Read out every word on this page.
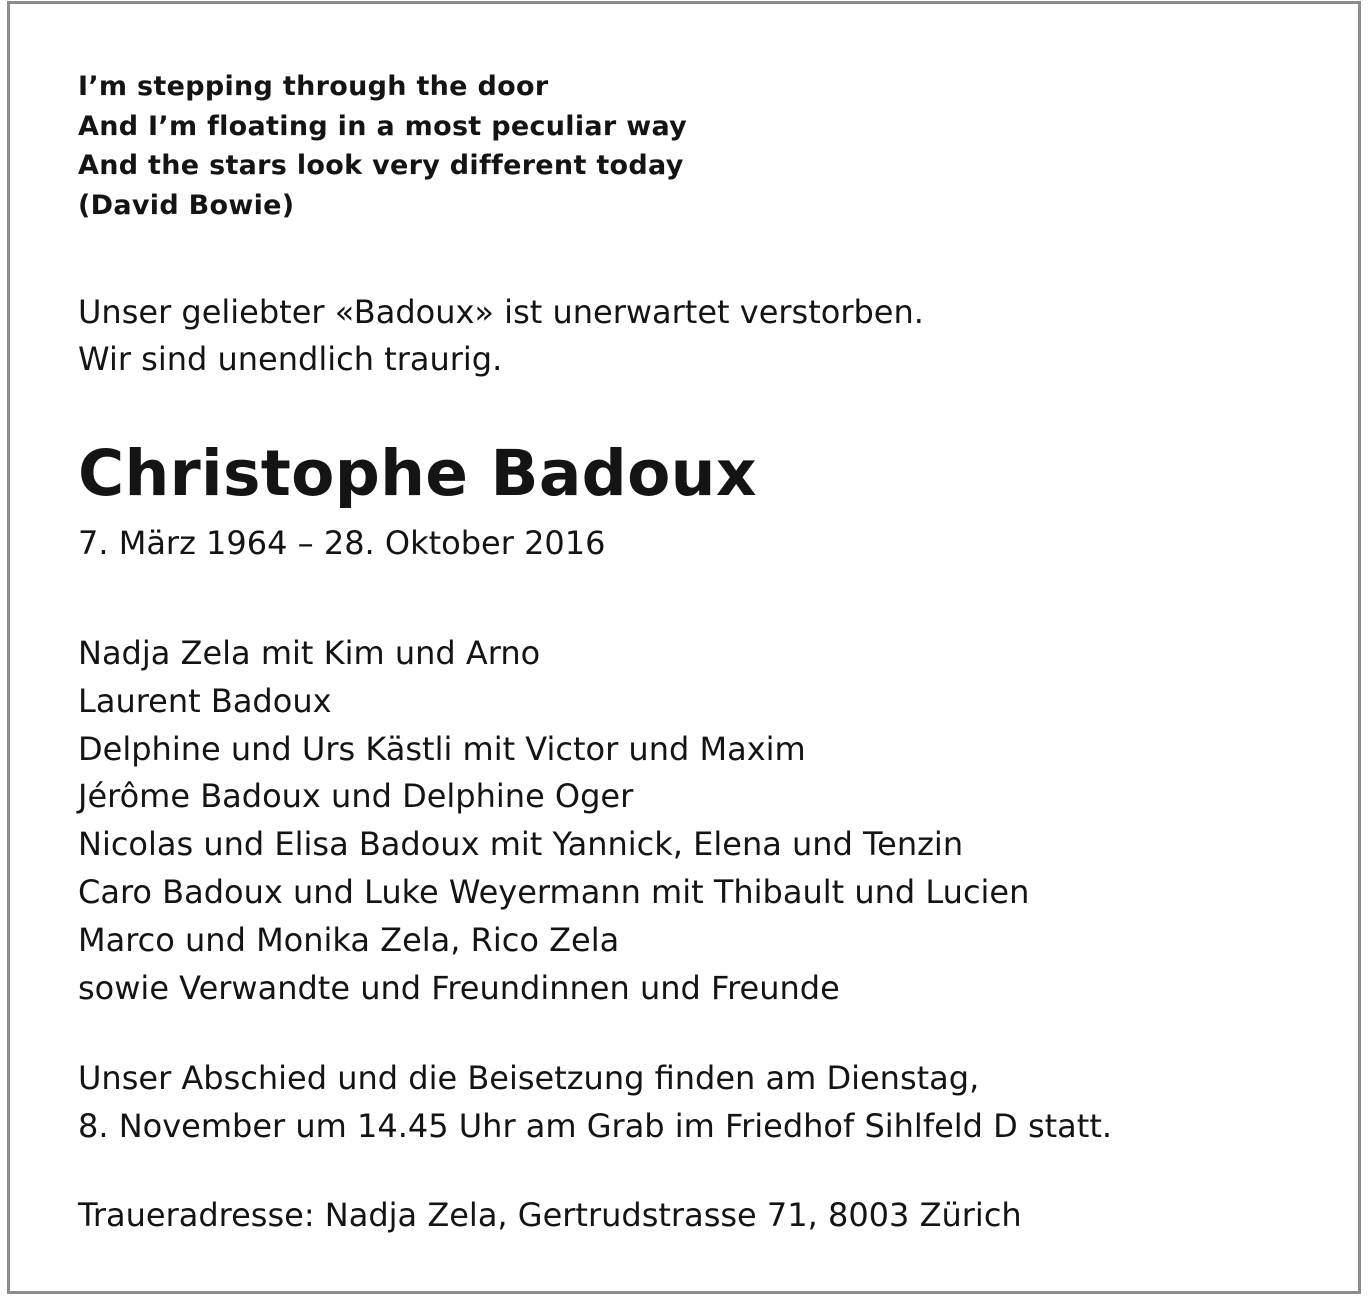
I’m stepping through the door
And I’m floating in a most peculiar way
And the stars look very different today
(David Bowie)
Unser geliebter «Badoux» ist unerwartet verstorben.
Wir sind unendlich traurig.
Christophe Badoux
7. März 1964 – 28. Oktober 2016
Nadja Zela mit Kim und Arno
Laurent Badoux
Delphine und Urs Kästli mit Victor und Maxim
Jérôme Badoux und Delphine Oger
Nicolas und Elisa Badoux mit Yannick, Elena und Tenzin
Caro Badoux und Luke Weyermann mit Thibault und Lucien
Marco und Monika Zela, Rico Zela
sowie Verwandte und Freundinnen und Freunde
Unser Abschied und die Beisetzung finden am Dienstag,
8. November um 14.45 Uhr am Grab im Friedhof Sihlfeld D statt.
Traueradresse: Nadja Zela, Gertrudstrasse 71, 8003 Zürich
